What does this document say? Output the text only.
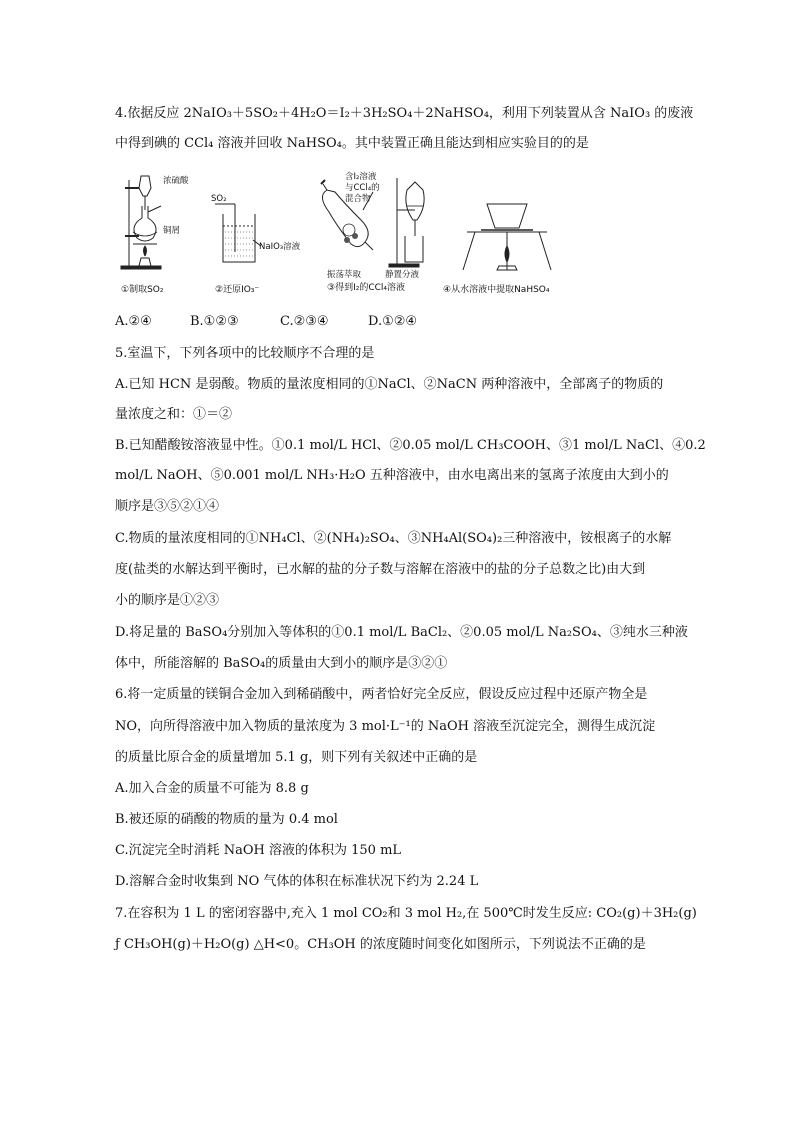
4.依据反应 2NaIO₃＋5SO₂＋4H₂O＝I₂＋3H₂SO₄＋2NaHSO₄，利用下列装置从含 NaIO₃ 的废液
中得到碘的 CCl₄ 溶液并回收 NaHSO₄。其中装置正确且能达到相应实验目的的是
浓硫酸
铜屑
SO₂
NaIO₃溶液
含I₂溶液
与CCl₄的
混合物
振荡萃取	静置分液
①制取SO₂	②还原IO₃⁻	③得到I₂的CCl₄溶液	④从水溶液中提取NaHSO₄
A.②④	B.①②③	C.②③④	D.①②④
5.室温下，下列各项中的比较顺序不合理的是
A.已知 HCN 是弱酸。物质的量浓度相同的①NaCl、②NaCN 两种溶液中，全部离子的物质的
量浓度之和：①＝②
B.已知醋酸铵溶液显中性。①0.1 mol/L HCl、②0.05 mol/L CH₃COOH、③1 mol/L NaCl、④0.2
mol/L NaOH、⑤0.001 mol/L NH₃·H₂O 五种溶液中，由水电离出来的氢离子浓度由大到小的
顺序是③⑤②①④
C.物质的量浓度相同的①NH₄Cl、②(NH₄)₂SO₄、③NH₄Al(SO₄)₂三种溶液中，铵根离子的水解
度(盐类的水解达到平衡时，已水解的盐的分子数与溶解在溶液中的盐的分子总数之比)由大到
小的顺序是①②③
D.将足量的 BaSO₄分别加入等体积的①0.1 mol/L BaCl₂、②0.05 mol/L Na₂SO₄、③纯水三种液
体中，所能溶解的 BaSO₄的质量由大到小的顺序是③②①
6.将一定质量的镁铜合金加入到稀硝酸中，两者恰好完全反应，假设反应过程中还原产物全是
NO，向所得溶液中加入物质的量浓度为 3 mol·L⁻¹的 NaOH 溶液至沉淀完全，测得生成沉淀
的质量比原合金的质量增加 5.1 g，则下列有关叙述中正确的是
A.加入合金的质量不可能为 8.8 g
B.被还原的硝酸的物质的量为 0.4 mol
C.沉淀完全时消耗 NaOH 溶液的体积为 150 mL
D.溶解合金时收集到 NO 气体的体积在标准状况下约为 2.24 L
7.在容积为 1 L 的密闭容器中,充入 1 mol CO₂和 3 mol H₂,在 500℃时发生反应: CO₂(g)＋3H₂(g)
ƒ CH₃OH(g)＋H₂O(g) △H<0。CH₃OH 的浓度随时间变化如图所示，下列说法不正确的是
